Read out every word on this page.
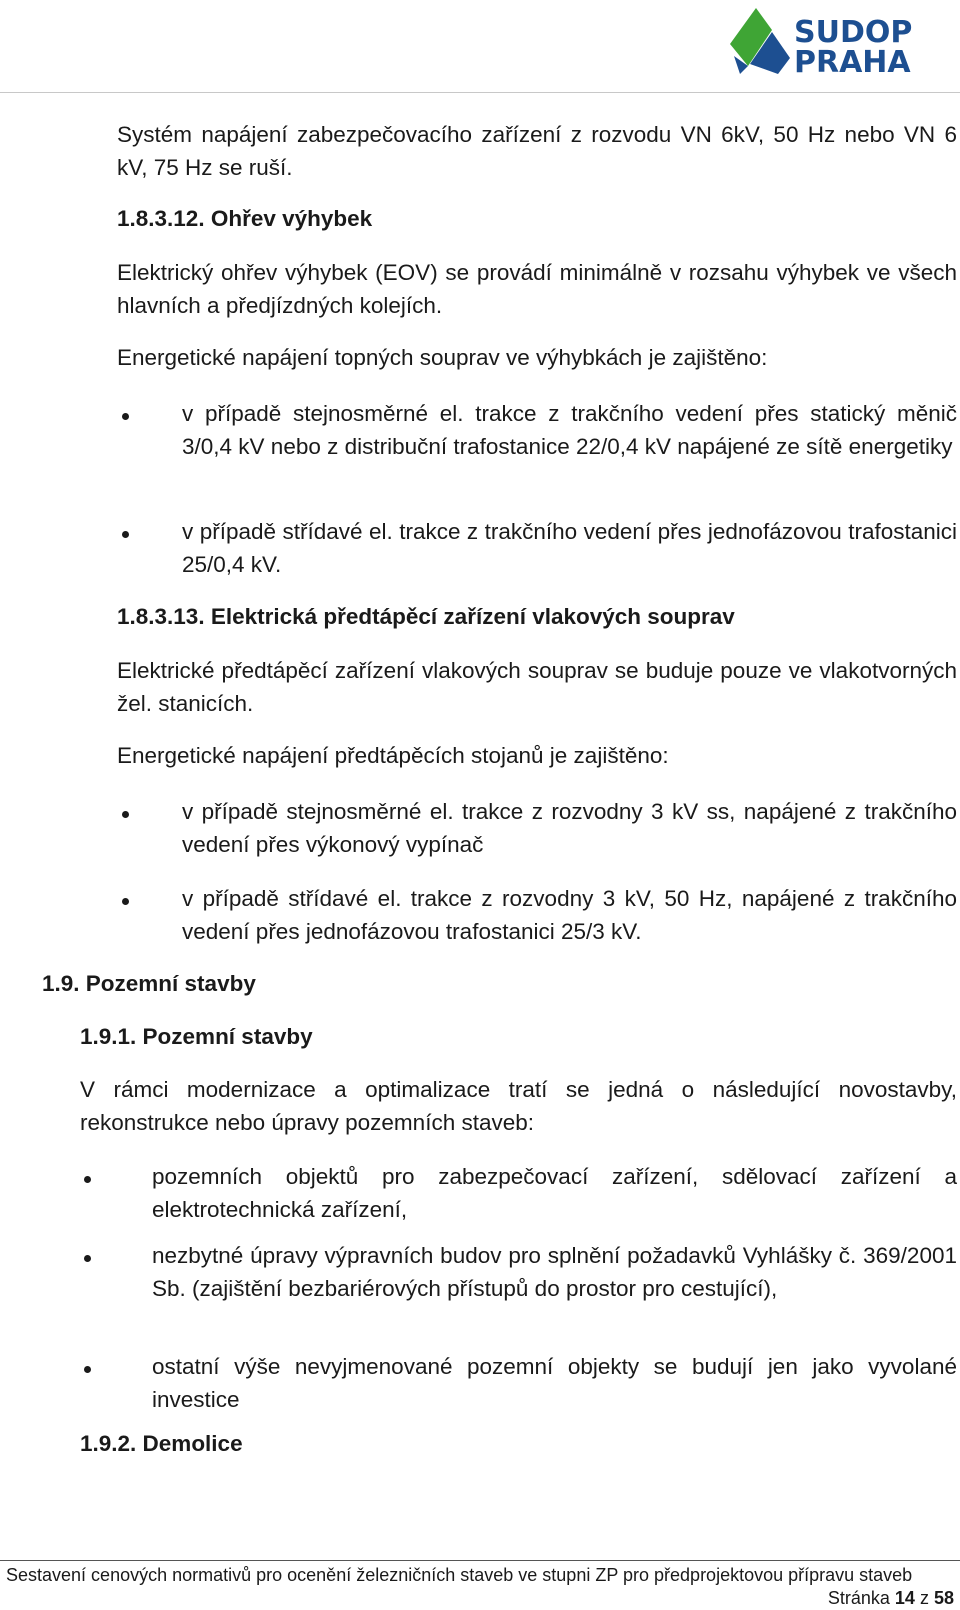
SUDOP
PRAHA
Systém napájení zabezpečovacího zařízení z rozvodu VN 6kV, 50 Hz nebo VN 6 kV, 75 Hz se ruší.
1.8.3.12. Ohřev výhybek
Elektrický ohřev výhybek (EOV) se provádí minimálně v rozsahu výhybek ve všech hlavních a předjízdných kolejích.
Energetické napájení topných souprav ve výhybkách je zajištěno:
v případě stejnosměrné el. trakce z trakčního vedení přes statický měnič 3/0,4 kV nebo z distribuční trafostanice 22/0,4 kV napájené ze sítě energetiky
v případě střídavé el. trakce z trakčního vedení přes jednofázovou trafostanici 25/0,4 kV.
1.8.3.13. Elektrická předtápěcí zařízení vlakových souprav
Elektrické předtápěcí zařízení vlakových souprav se buduje pouze ve vlakotvorných žel. stanicích.
Energetické napájení předtápěcích stojanů je zajištěno:
v případě stejnosměrné el. trakce z rozvodny 3 kV ss, napájené z trakčního vedení přes výkonový vypínač
v případě střídavé el. trakce z rozvodny 3 kV, 50 Hz, napájené z trakčního vedení přes jednofázovou trafostanici 25/3 kV.
1.9. Pozemní stavby
1.9.1. Pozemní stavby
V rámci modernizace a optimalizace tratí se jedná o následující novostavby, rekonstrukce nebo úpravy pozemních staveb:
pozemních objektů pro zabezpečovací zařízení, sdělovací zařízení a elektrotechnická zařízení,
nezbytné úpravy výpravních budov pro splnění požadavků Vyhlášky č. 369/2001 Sb. (zajištění bezbariérových přístupů do prostor pro cestující),
ostatní výše nevyjmenované pozemní objekty se budují jen jako vyvolané investice
1.9.2. Demolice
Sestavení cenových normativů pro ocenění železničních staveb ve stupni ZP pro předprojektovou přípravu staveb
Stránka 14 z 58
